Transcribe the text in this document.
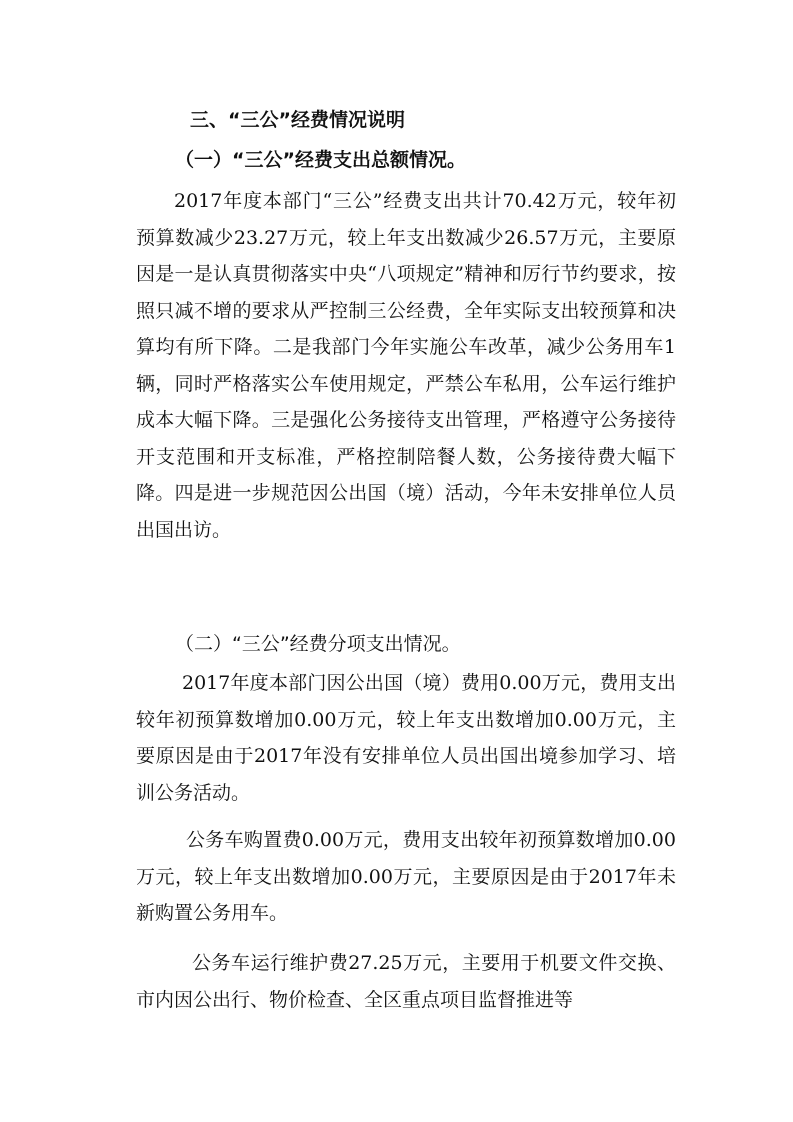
三、“三公”经费情况说明
（一）“三公”经费支出总额情况。

2017年度本部门“三公”经费支出共计70.42万元，较年初预算数减少23.27万元，较上年支出数减少26.57万元，主要原因是一是认真贯彻落实中央“八项规定”精神和厉行节约要求，按照只减不增的要求从严控制三公经费，全年实际支出较预算和决算均有所下降。二是我部门今年实施公车改革，减少公务用车1辆，同时严格落实公车使用规定，严禁公车私用，公车运行维护成本大幅下降。三是强化公务接待支出管理，严格遵守公务接待开支范围和开支标准，严格控制陪餐人数，公务接待费大幅下降。四是进一步规范因公出国（境）活动，今年未安排单位人员出国出访。

（二）“三公”经费分项支出情况。

2017年度本部门因公出国（境）费用0.00万元，费用支出较年初预算数增加0.00万元，较上年支出数增加0.00万元，主要原因是由于2017年没有安排单位人员出国出境参加学习、培训公务活动。

公务车购置费0.00万元，费用支出较年初预算数增加0.00万元，较上年支出数增加0.00万元，主要原因是由于2017年未新购置公务用车。

公务车运行维护费27.25万元，主要用于机要文件交换、市内因公出行、物价检查、全区重点项目监督推进等
